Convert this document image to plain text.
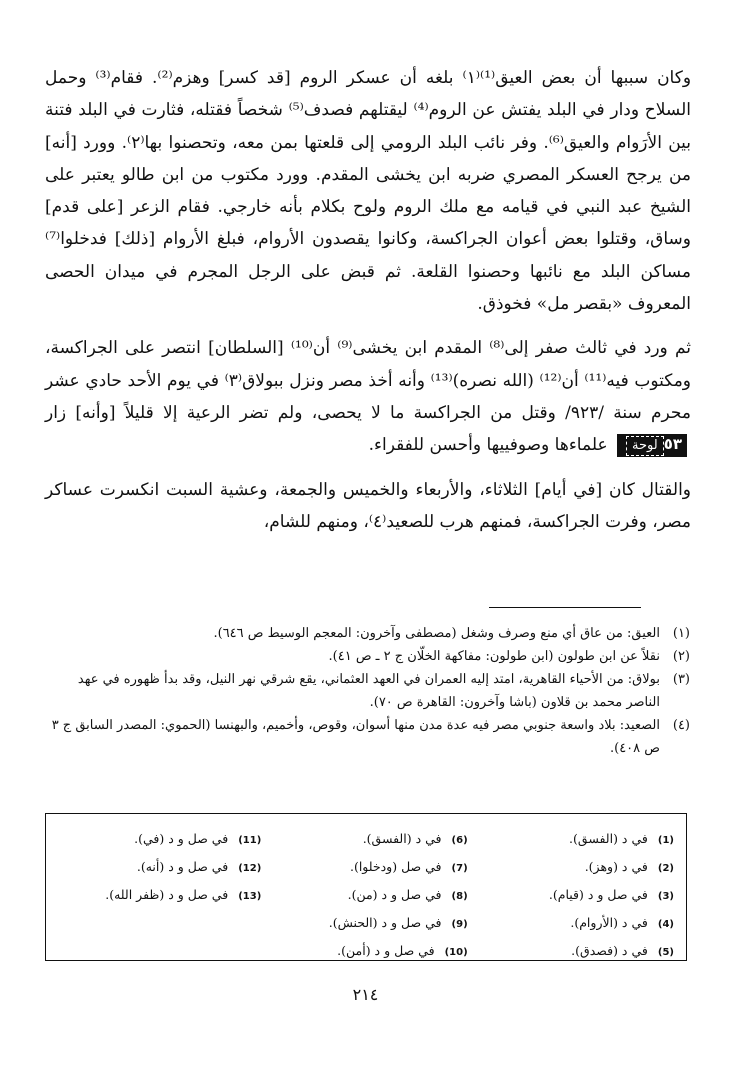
وكان سببها أن بعض العيق⁽¹⁾⁽١⁾ بلغه أن عسكر الروم [قد كسر] وهزم⁽²⁾. فقام⁽³⁾ وحمل السلاح ودار في البلد يفتش عن الروم⁽⁴⁾ ليقتلهم فصدف⁽⁵⁾ شخصاً فقتله، فثارت في البلد فتنة بين الأرَوام والعيق⁽⁶⁾. وفر نائب البلد الرومي إلى قلعتها بمن معه، وتحصنوا بها⁽٢⁾. وورد [أنه] من يرجح العسكر المصري ضربه ابن يخشى المقدم. وورد مكتوب من ابن طالو يعتبر على الشيخ عبد النبي في قيامه مع ملك الروم ولوح بكلام بأنه خارجي. فقام الزعر [على قدم] وساق، وقتلوا بعض أعوان الجراكسة، وكانوا يقصدون الأروام، فبلغ الأروام [ذلك] فدخلوا⁽⁷⁾ مساكن البلد مع نائبها وحصنوا القلعة. ثم قبض على الرجل المجرم في ميدان الحصى المعروف «بقصر مل» فخوذق.

ثم ورد في ثالث صفر إلى⁽⁸⁾ المقدم ابن يخشى⁽⁹⁾ أن⁽¹⁰⁾ [السلطان] انتصر على الجراكسة، ومكتوب فيه⁽¹¹⁾ أن⁽¹²⁾ (الله نصره)⁽¹³⁾ وأنه أخذ مصر ونزل ببولاق⁽٣⁾ في يوم الأحد حادي عشر محرم سنة /٩٢٣/ وقتل من الجراكسة ما لا يحصى، ولم تضر الرعية إلا قليلاً [وأنه] زار ٥٣لوحة علماءها وصوفييها وأحسن للفقراء.

والقتال كان [في أيام] الثلاثاء، والأربعاء والخميس والجمعة، وعشية السبت انكسرت عساكر مصر، وفرت الجراكسة، فمنهم هرب للصعيد⁽٤⁾، ومنهم للشام،

(١)العيق: من عاق أي منع وصرف وشغل (مصطفى وآخرون: المعجم الوسيط ص ٦٤٦).

(٢)نقلاً عن ابن طولون (ابن طولون: مفاكهة الخلّان ج ٢ ـ ص ٤١).

(٣)بولاق: من الأحياء القاهرية، امتد إليه العمران في العهد العثماني، يقع شرقي نهر النيل، وقد بدأ ظهوره في عهد الناصر محمد بن قلاون (باشا وآخرون: القاهرة ص ٧٠).

(٤)الصعيد: بلاد واسعة جنوبي مصر فيه عدة مدن منها أسوان، وقوص، وأخميم، والبهنسا (الحموي: المصدر السابق ج ٣ ص ٤٠٨).

(1)في د (الفسق).
(2)في د (وهز).
(3)في صل و د (قيام).
(4)في د (الأروام).
(5)في د (فصدق).
(6)في د (الفسق).
(7)في صل (ودخلوا).
(8)في صل و د (من).
(9)في صل و د (الحنش).
(10)في صل و د (أمن).
(11)في صل و د (في).
(12)في صل و د (أنه).
(13)في صل و د (ظفر الله).
٢١٤
